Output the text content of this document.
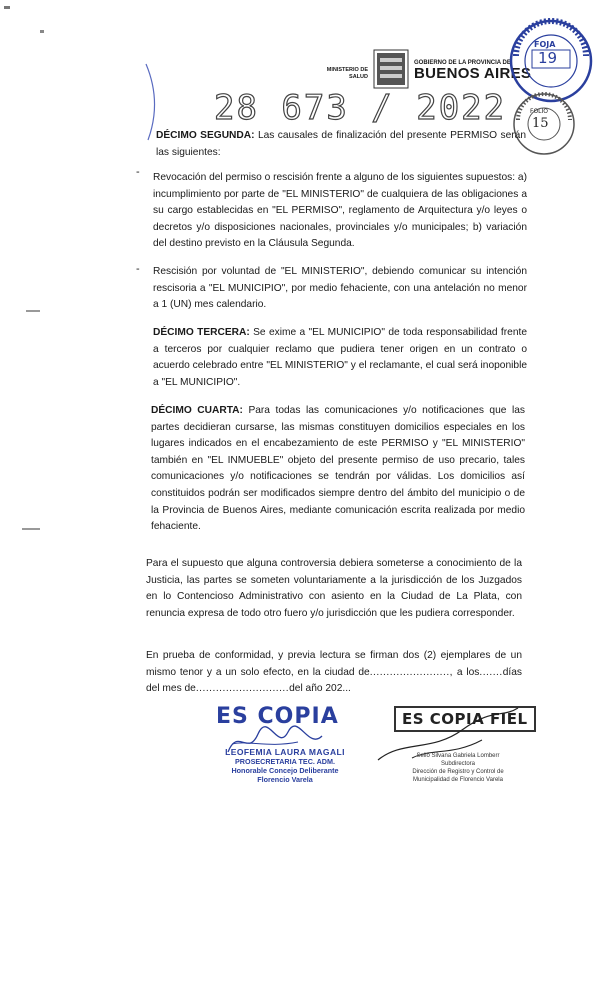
MINISTERIO DE
SALUD
GOBIERNO DE LA PROVINCIA DE
BUENOS AIRES
28 673 / 2022
FOJA
19
FOLIO
15
DÉCIMO SEGUNDA: Las causales de finalización del presente PERMISO serán las siguientes:
- Revocación del permiso o rescisión frente a alguno de los siguientes supuestos: a) incumplimiento por parte de "EL MINISTERIO" de cualquiera de las obligaciones a su cargo establecidas en "EL PERMISO", reglamento de Arquitectura y/o leyes o decretos y/o disposiciones nacionales, provinciales y/o municipales; b) variación del destino previsto en la Cláusula Segunda.
- Rescisión por voluntad de "EL MINISTERIO", debiendo comunicar su intención rescisoria a "EL MUNICIPIO", por medio fehaciente, con una antelación no menor a 1 (UN) mes calendario.
DÉCIMO TERCERA: Se exime a "EL MUNICIPIO" de toda responsabilidad frente a terceros por cualquier reclamo que pudiera tener origen en un contrato o acuerdo celebrado entre "EL MINISTERIO" y el reclamante, el cual será inoponible a "EL MUNICIPIO".
DÉCIMO CUARTA: Para todas las comunicaciones y/o notificaciones que las partes decidieran cursarse, las mismas constituyen domicilios especiales en los lugares indicados en el encabezamiento de este PERMISO y "EL MINISTERIO" también en "EL INMUEBLE" objeto del presente permiso de uso precario, tales comunicaciones y/o notificaciones se tendrán por válidas. Los domicilios así constituidos podrán ser modificados siempre dentro del ámbito del municipio o de la Provincia de Buenos Aires, mediante comunicación escrita realizada por medio fehaciente.
Para el supuesto que alguna controversia debiera someterse a conocimiento de la Justicia, las partes se someten voluntariamente a la jurisdicción de los Juzgados en lo Contencioso Administrativo con asiento en la Ciudad de La Plata, con renuncia expresa de todo otro fuero y/o jurisdicción que les pudiera corresponder.
En prueba de conformidad, y previa lectura se firman dos (2) ejemplares de un mismo tenor y a un solo efecto, en la ciudad de........................, a los.......días del mes de............................del año 202...
ES COPIA
LEOFEMIA LAURA MAGALI
PROSECRETARIA TEC. ADM.
Honorable Concejo Deliberante
Florencio Varela
ES COPIA FIEL
Sello Silvana Gabriela Lomberr
Subdirectora
Dirección de Registro y Control de
Municipalidad de Florencio Varela
